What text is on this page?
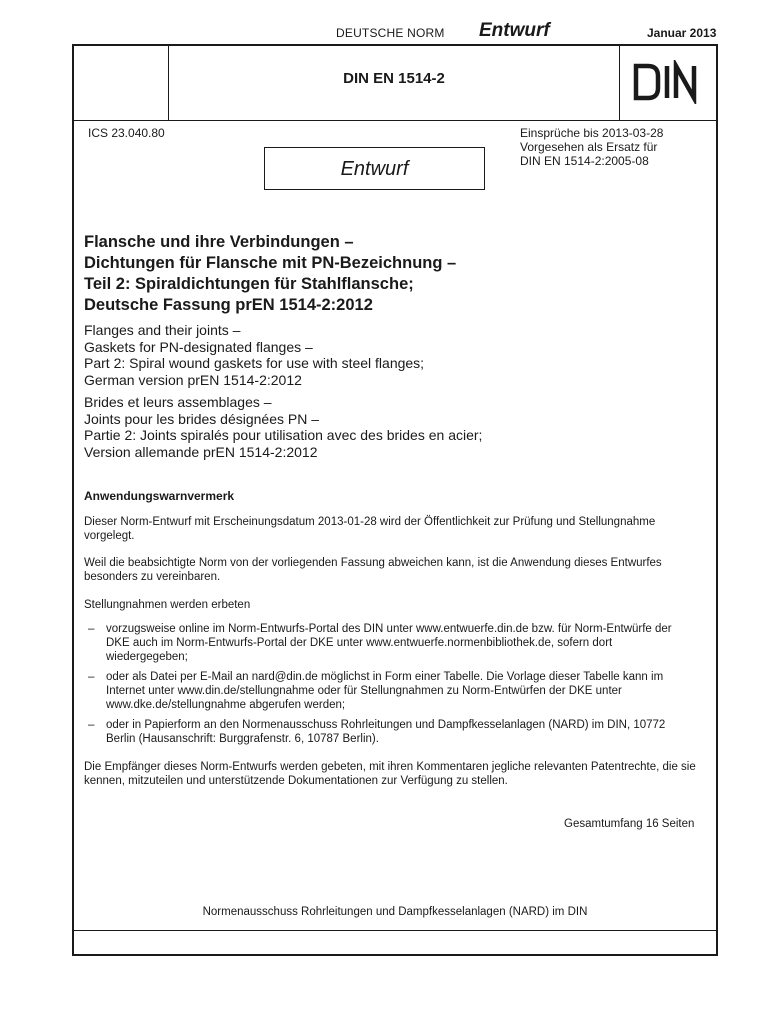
DEUTSCHE NORM Entwurf	Januar 2013
DIN EN 1514-2
ICS 23.040.80	Einsprüche bis 2013-03-28
Vorgesehen als Ersatz für
DIN EN 1514-2:2005-08
Entwurf
Flansche und ihre Verbindungen –
Dichtungen für Flansche mit PN-Bezeichnung –
Teil 2: Spiraldichtungen für Stahlflansche;
Deutsche Fassung prEN 1514-2:2012
Flanges and their joints –
Gaskets for PN-designated flanges –
Part 2: Spiral wound gaskets for use with steel flanges;
German version prEN 1514-2:2012
Brides et leurs assemblages –
Joints pour les brides désignées PN –
Partie 2: Joints spiralés pour utilisation avec des brides en acier;
Version allemande prEN 1514-2:2012
Anwendungswarnvermerk
Dieser Norm-Entwurf mit Erscheinungsdatum 2013-01-28 wird der Öffentlichkeit zur Prüfung und Stellungnahme vorgelegt.
Weil die beabsichtigte Norm von der vorliegenden Fassung abweichen kann, ist die Anwendung dieses Entwurfes besonders zu vereinbaren.
Stellungnahmen werden erbeten
– vorzugsweise online im Norm-Entwurfs-Portal des DIN unter www.entwuerfe.din.de bzw. für Norm-Entwürfe der DKE auch im Norm-Entwurfs-Portal der DKE unter www.entwuerfe.normenbibliothek.de, sofern dort wiedergegeben;
– oder als Datei per E-Mail an nard@din.de möglichst in Form einer Tabelle. Die Vorlage dieser Tabelle kann im Internet unter www.din.de/stellungnahme oder für Stellungnahmen zu Norm-Entwürfen der DKE unter www.dke.de/stellungnahme abgerufen werden;
– oder in Papierform an den Normenausschuss Rohrleitungen und Dampfkesselanlagen (NARD) im DIN, 10772 Berlin (Hausanschrift: Burggrafenstr. 6, 10787 Berlin).
Die Empfänger dieses Norm-Entwurfs werden gebeten, mit ihren Kommentaren jegliche relevanten Patentrechte, die sie kennen, mitzuteilen und unterstützende Dokumentationen zur Verfügung zu stellen.
Gesamtumfang 16 Seiten
Normenausschuss Rohrleitungen und Dampfkesselanlagen (NARD) im DIN
